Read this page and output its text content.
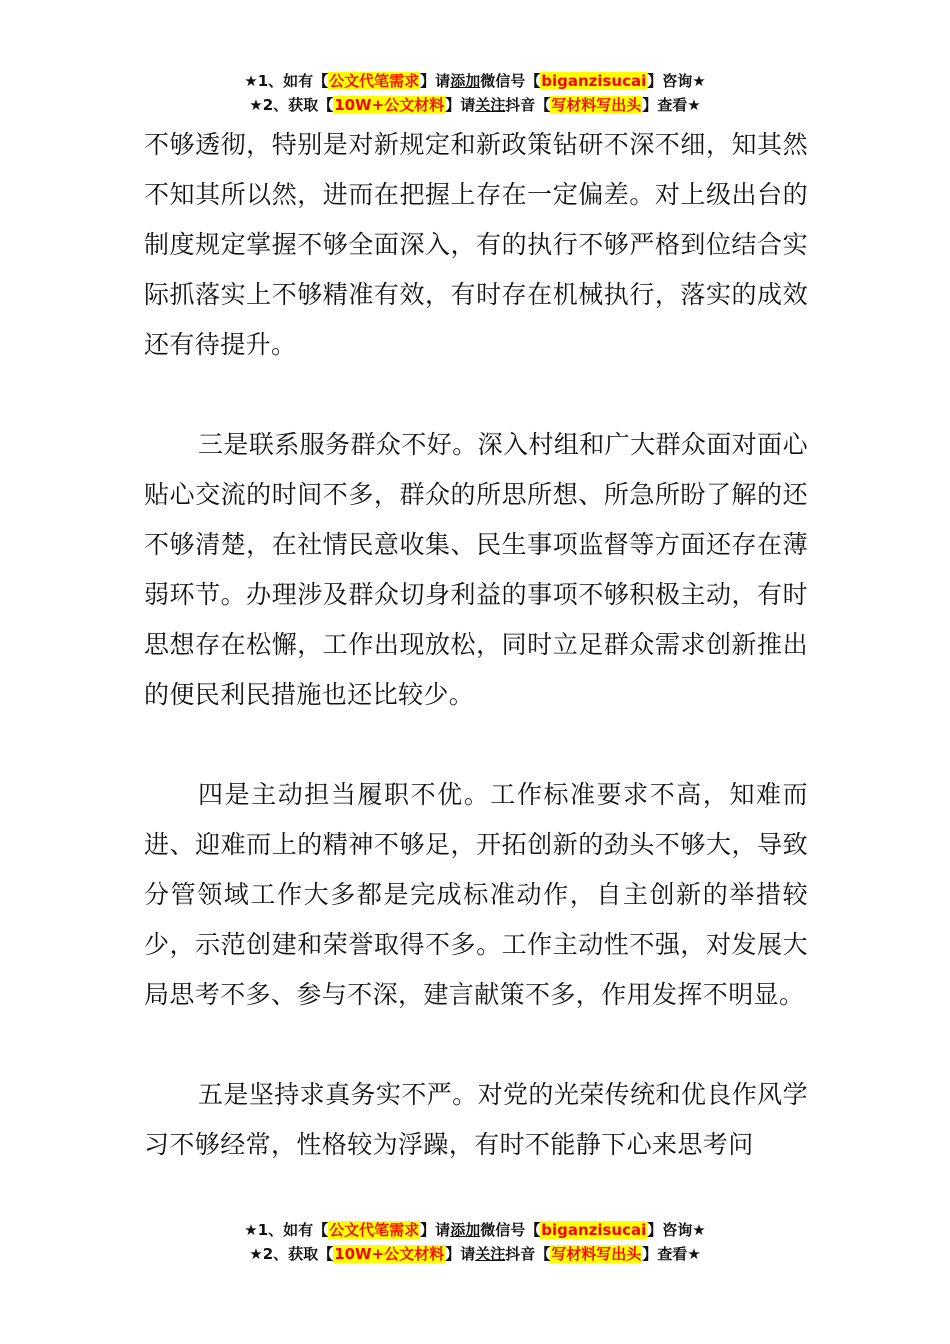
★1、如有【公文代笔需求】请添加微信号【biganzisucai】咨询★
★2、获取【10W+公文材料】请关注抖音【写材料写出头】查看★

不够透彻，特别是对新规定和新政策钻研不深不细，知其然不知其所以然，进而在把握上存在一定偏差。对上级出台的制度规定掌握不够全面深入，有的执行不够严格到位结合实际抓落实上不够精准有效，有时存在机械执行，落实的成效还有待提升。

三是联系服务群众不好。深入村组和广大群众面对面心贴心交流的时间不多，群众的所思所想、所急所盼了解的还不够清楚，在社情民意收集、民生事项监督等方面还存在薄弱环节。办理涉及群众切身利益的事项不够积极主动，有时思想存在松懈，工作出现放松，同时立足群众需求创新推出的便民利民措施也还比较少。

四是主动担当履职不优。工作标准要求不高，知难而进、迎难而上的精神不够足，开拓创新的劲头不够大，导致分管领域工作大多都是完成标准动作，自主创新的举措较少，示范创建和荣誉取得不多。工作主动性不强，对发展大局思考不多、参与不深，建言献策不多，作用发挥不明显。

五是坚持求真务实不严。对党的光荣传统和优良作风学习不够经常，性格较为浮躁，有时不能静下心来思考问

★1、如有【公文代笔需求】请添加微信号【biganzisucai】咨询★
★2、获取【10W+公文材料】请关注抖音【写材料写出头】查看★
